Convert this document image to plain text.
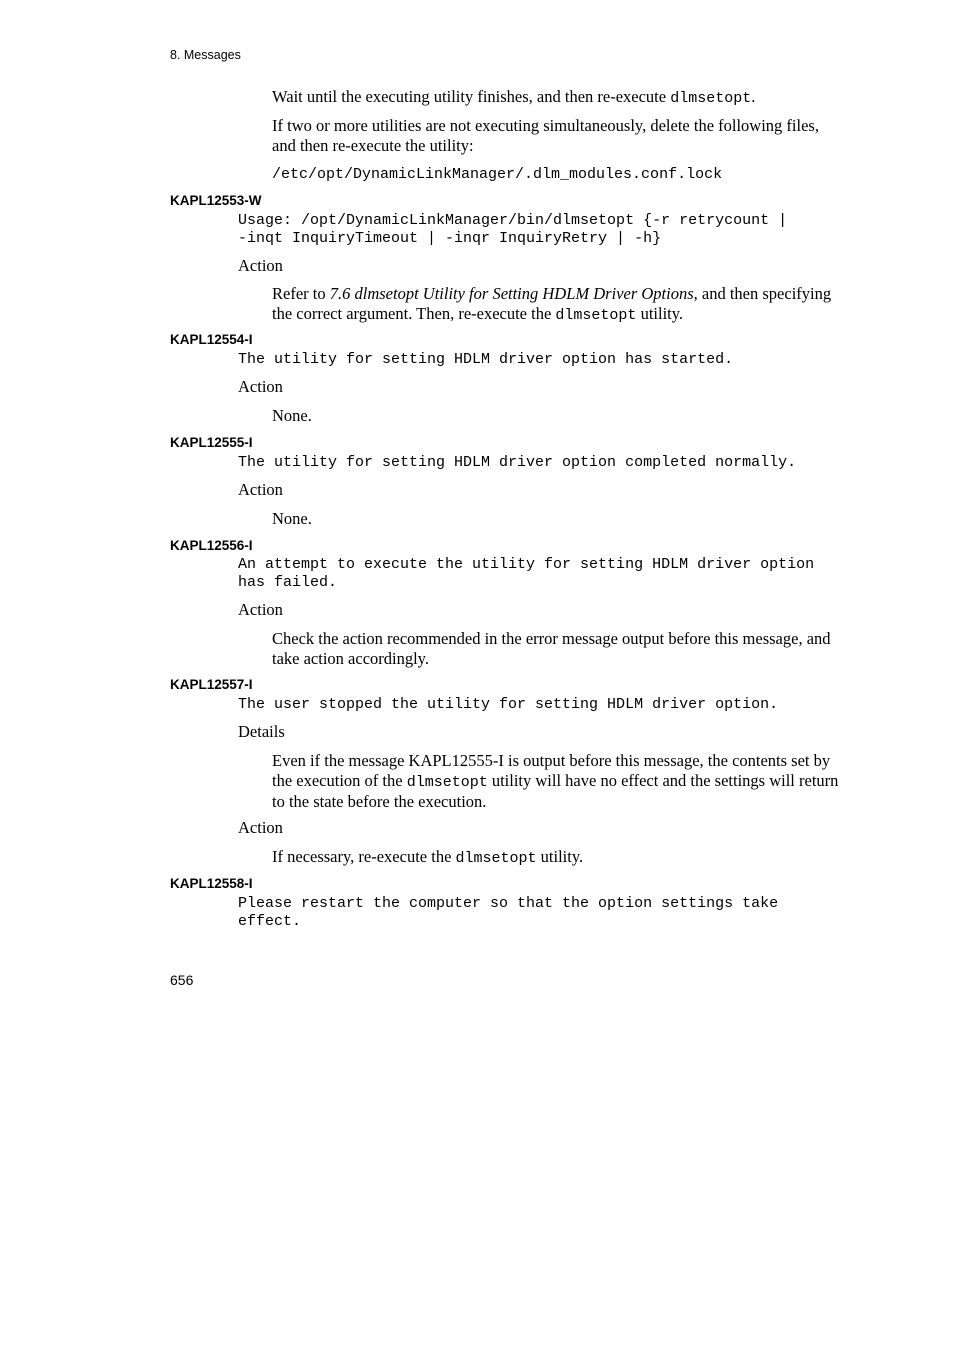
8. Messages
Wait until the executing utility finishes, and then re-execute dlmsetopt.
If two or more utilities are not executing simultaneously, delete the following files, and then re-execute the utility:
/etc/opt/DynamicLinkManager/.dlm_modules.conf.lock
KAPL12553-W
Usage: /opt/DynamicLinkManager/bin/dlmsetopt {-r retrycount |
-inqt InquiryTimeout | -inqr InquiryRetry | -h}
Action
Refer to 7.6 dlmsetopt Utility for Setting HDLM Driver Options, and then specifying the correct argument. Then, re-execute the dlmsetopt utility.
KAPL12554-I
The utility for setting HDLM driver option has started.
Action
None.
KAPL12555-I
The utility for setting HDLM driver option completed normally.
Action
None.
KAPL12556-I
An attempt to execute the utility for setting HDLM driver option
has failed.
Action
Check the action recommended in the error message output before this message, and take action accordingly.
KAPL12557-I
The user stopped the utility for setting HDLM driver option.
Details
Even if the message KAPL12555-I is output before this message, the contents set by the execution of the dlmsetopt utility will have no effect and the settings will return to the state before the execution.
Action
If necessary, re-execute the dlmsetopt utility.
KAPL12558-I
Please restart the computer so that the option settings take
effect.
656
